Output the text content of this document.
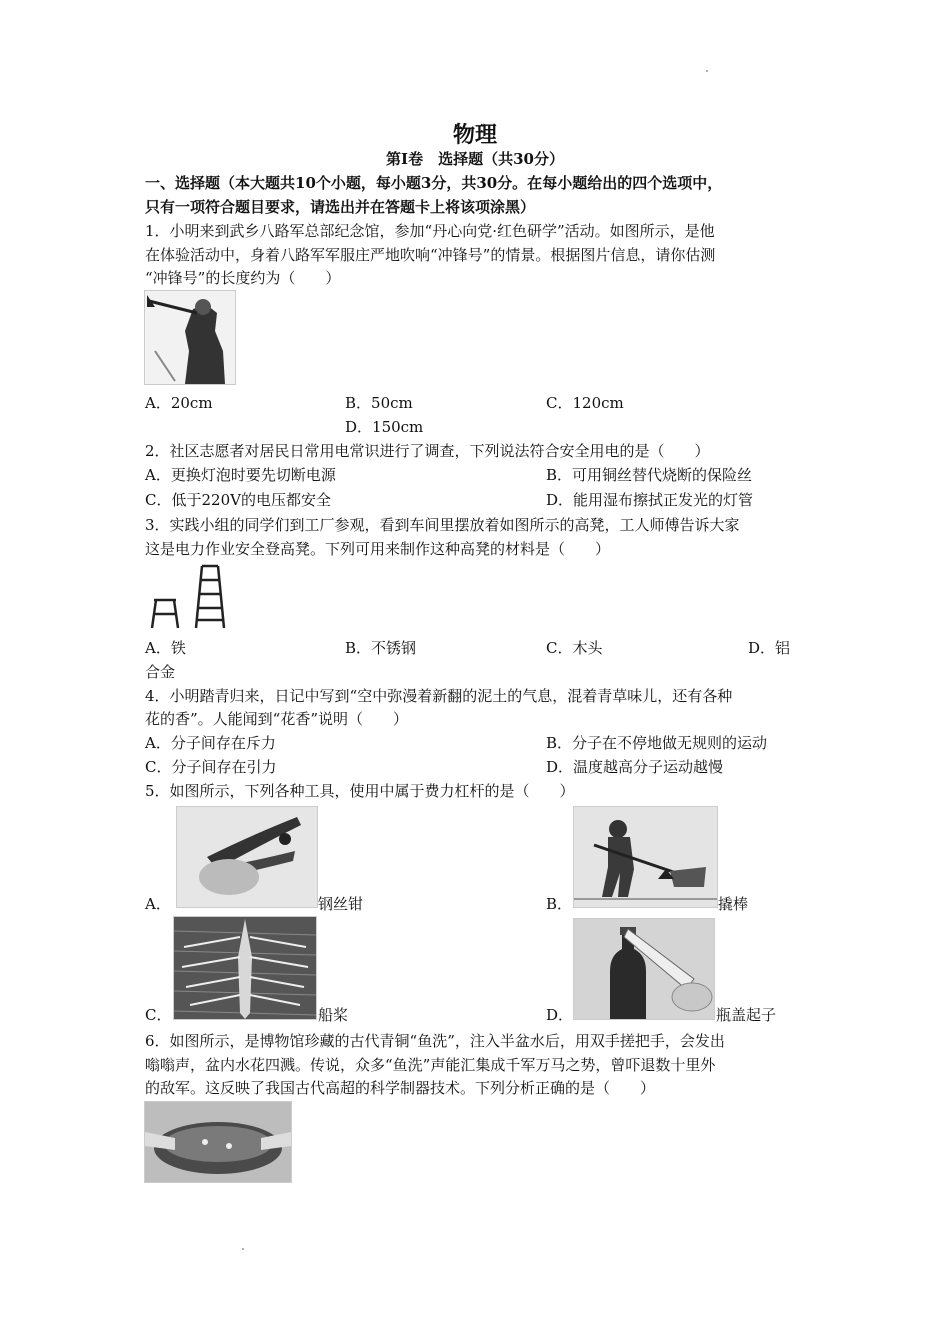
物理
第Ⅰ卷　选择题（共30分）
一、选择题（本大题共10个小题，每小题3分，共30分。在每小题给出的四个选项中，
只有一项符合题目要求，请选出并在答题卡上将该项涂黑）
1．小明来到武乡八路军总部纪念馆，参加“丹心向党·红色研学”活动。如图所示，是他
在体验活动中，身着八路军军服庄严地吹响“冲锋号”的情景。根据图片信息，请你估测
“冲锋号”的长度约为（　　）
A．20cm	B．50cm	C．120cm
D．150cm
2．社区志愿者对居民日常用电常识进行了调查，下列说法符合安全用电的是（　　）
A．更换灯泡时要先切断电源	B．可用铜丝替代烧断的保险丝
C．低于220V的电压都安全	D．能用湿布擦拭正发光的灯管
3．实践小组的同学们到工厂参观，看到车间里摆放着如图所示的高凳，工人师傅告诉大家
这是电力作业安全登高凳。下列可用来制作这种高凳的材料是（　　）
A．铁	B．不锈钢	C．木头	D．铝
合金
4．小明踏青归来，日记中写到“空中弥漫着新翻的泥土的气息，混着青草味儿，还有各种
花的香”。人能闻到“花香”说明（　　）
A．分子间存在斥力	B．分子在不停地做无规则的运动
C．分子间存在引力	D．温度越高分子运动越慢
5．如图所示，下列各种工具，使用中属于费力杠杆的是（　　）
A．	钢丝钳	B．	撬棒
C．	船桨	D．	瓶盖起子
6．如图所示，是博物馆珍藏的古代青铜“鱼洗”，注入半盆水后，用双手搓把手，会发出
嗡嗡声，盆内水花四溅。传说，众多“鱼洗”声能汇集成千军万马之势，曾吓退数十里外
的敌军。这反映了我国古代高超的科学制器技术。下列分析正确的是（　　）
